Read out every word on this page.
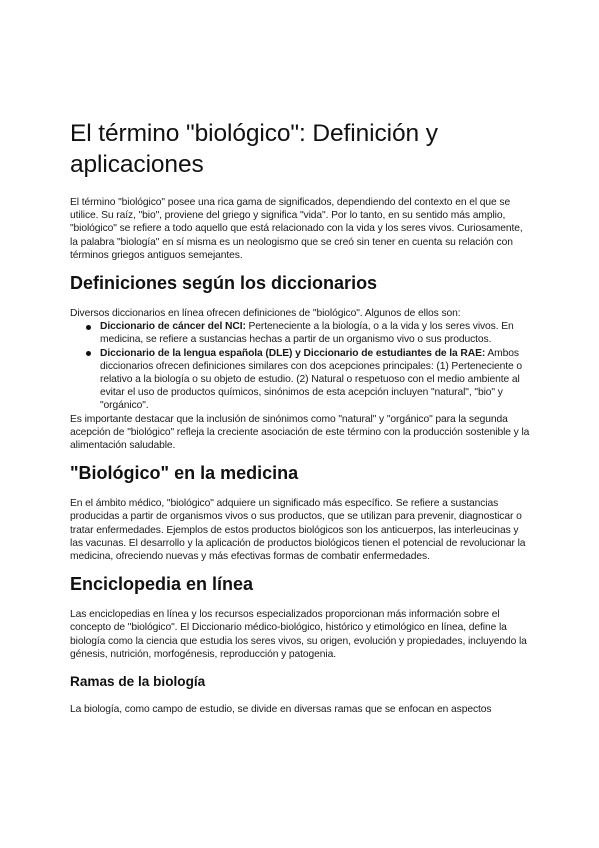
El término "biológico": Definición y aplicaciones

El término "biológico" posee una rica gama de significados, dependiendo del contexto en el que se utilice. Su raíz, "bio", proviene del griego y significa "vida". Por lo tanto, en su sentido más amplio, "biológico" se refiere a todo aquello que está relacionado con la vida y los seres vivos. Curiosamente, la palabra "biología" en sí misma es un neologismo que se creó sin tener en cuenta su relación con términos griegos antiguos semejantes.

Definiciones según los diccionarios

Diversos diccionarios en línea ofrecen definiciones de "biológico". Algunos de ellos son:

Diccionario de cáncer del NCI: Perteneciente a la biología, o a la vida y los seres vivos. En medicina, se refiere a sustancias hechas a partir de un organismo vivo o sus productos.
Diccionario de la lengua española (DLE) y Diccionario de estudiantes de la RAE: Ambos diccionarios ofrecen definiciones similares con dos acepciones principales: (1) Perteneciente o relativo a la biología o su objeto de estudio. (2) Natural o respetuoso con el medio ambiente al evitar el uso de productos químicos, sinónimos de esta acepción incluyen "natural", "bio" y "orgánico".

Es importante destacar que la inclusión de sinónimos como "natural" y "orgánico" para la segunda acepción de "biológico" refleja la creciente asociación de este término con la producción sostenible y la alimentación saludable.

"Biológico" en la medicina

En el ámbito médico, "biológico" adquiere un significado más específico. Se refiere a sustancias producidas a partir de organismos vivos o sus productos, que se utilizan para prevenir, diagnosticar o tratar enfermedades. Ejemplos de estos productos biológicos son los anticuerpos, las interleucinas y las vacunas. El desarrollo y la aplicación de productos biológicos tienen el potencial de revolucionar la medicina, ofreciendo nuevas y más efectivas formas de combatir enfermedades.

Enciclopedia en línea

Las enciclopedias en línea y los recursos especializados proporcionan más información sobre el concepto de "biológico". El Diccionario médico-biológico, histórico y etimológico en línea, define la biología como la ciencia que estudia los seres vivos, su origen, evolución y propiedades, incluyendo la génesis, nutrición, morfogénesis, reproducción y patogenia.

Ramas de la biología

La biología, como campo de estudio, se divide en diversas ramas que se enfocan en aspectos
